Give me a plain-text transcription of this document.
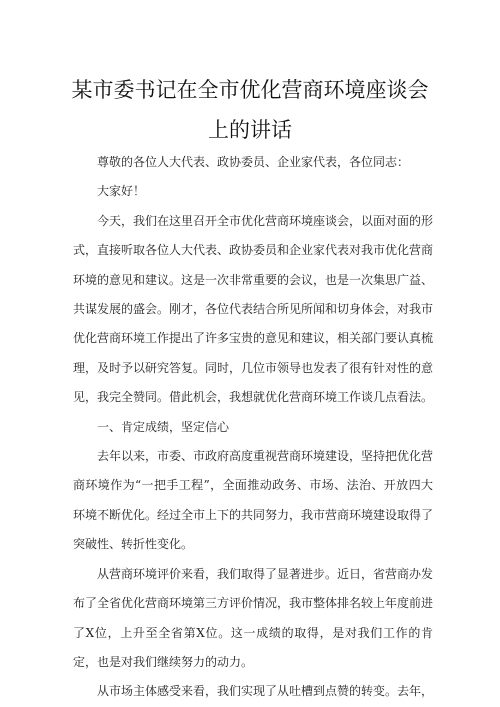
某市委书记在全市优化营商环境座谈会
上的讲话

尊敬的各位人大代表、政协委员、企业家代表，各位同志：

大家好！

今天，我们在这里召开全市优化营商环境座谈会，以面对面的形式，直接听取各位人大代表、政协委员和企业家代表对我市优化营商环境的意见和建议。这是一次非常重要的会议，也是一次集思广益、共谋发展的盛会。刚才，各位代表结合所见所闻和切身体会，对我市优化营商环境工作提出了许多宝贵的意见和建议，相关部门要认真梳理，及时予以研究答复。同时，几位市领导也发表了很有针对性的意见，我完全赞同。借此机会，我想就优化营商环境工作谈几点看法。

一、肯定成绩，坚定信心

去年以来，市委、市政府高度重视营商环境建设，坚持把优化营商环境作为“一把手工程”，全面推动政务、市场、法治、开放四大环境不断优化。经过全市上下的共同努力，我市营商环境建设取得了突破性、转折性变化。

从营商环境评价来看，我们取得了显著进步。近日，省营商办发布了全省优化营商环境第三方评价情况，我市整体排名较上年度前进了X位，上升至全省第X位。这一成绩的取得，是对我们工作的肯定，也是对我们继续努力的动力。

从市场主体感受来看，我们实现了从吐槽到点赞的转变。去年，
